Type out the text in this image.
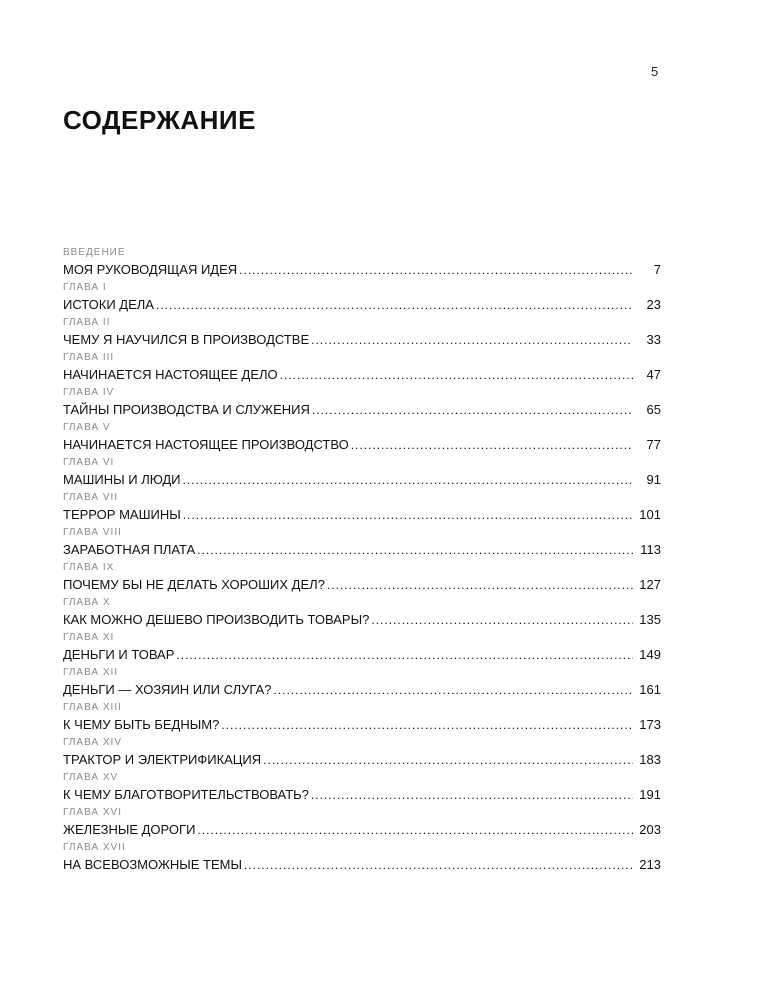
5
СОДЕРЖАНИЕ
ВВЕДЕНИЕ
МОЯ РУКОВОДЯЩАЯ ИДЕЯ .....	7
ГЛАВА I
ИСТОКИ ДЕЛА .....	23
ГЛАВА II
ЧЕМУ Я НАУЧИЛСЯ В ПРОИЗВОДСТВЕ .....	33
ГЛАВА III
НАЧИНАЕТСЯ НАСТОЯЩЕЕ ДЕЛО .....	47
ГЛАВА IV
ТАЙНЫ ПРОИЗВОДСТВА И СЛУЖЕНИЯ .....	65
ГЛАВА V
НАЧИНАЕТСЯ НАСТОЯЩЕЕ ПРОИЗВОДСТВО .....	77
ГЛАВА VI
МАШИНЫ И ЛЮДИ .....	91
ГЛАВА VII
ТЕРРОР МАШИНЫ .....	101
ГЛАВА VIII
ЗАРАБОТНАЯ ПЛАТА .....	113
ГЛАВА IX
ПОЧЕМУ БЫ НЕ ДЕЛАТЬ ХОРОШИХ ДЕЛ? .....	127
ГЛАВА X
КАК МОЖНО ДЕШЕВО ПРОИЗВОДИТЬ ТОВАРЫ? .....	135
ГЛАВА XI
ДЕНЬГИ И ТОВАР .....	149
ГЛАВА XII
ДЕНЬГИ — ХОЗЯИН ИЛИ СЛУГА? .....	161
ГЛАВА XIII
К ЧЕМУ БЫТЬ БЕДНЫМ? .....	173
ГЛАВА XIV
ТРАКТОР И ЭЛЕКТРИФИКАЦИЯ .....	183
ГЛАВА XV
К ЧЕМУ БЛАГОТВОРИТЕЛЬСТВОВАТЬ? .....	191
ГЛАВА XVI
ЖЕЛЕЗНЫЕ ДОРОГИ .....	203
ГЛАВА XVII
НА ВСЕВОЗМОЖНЫЕ ТЕМЫ .....	213
